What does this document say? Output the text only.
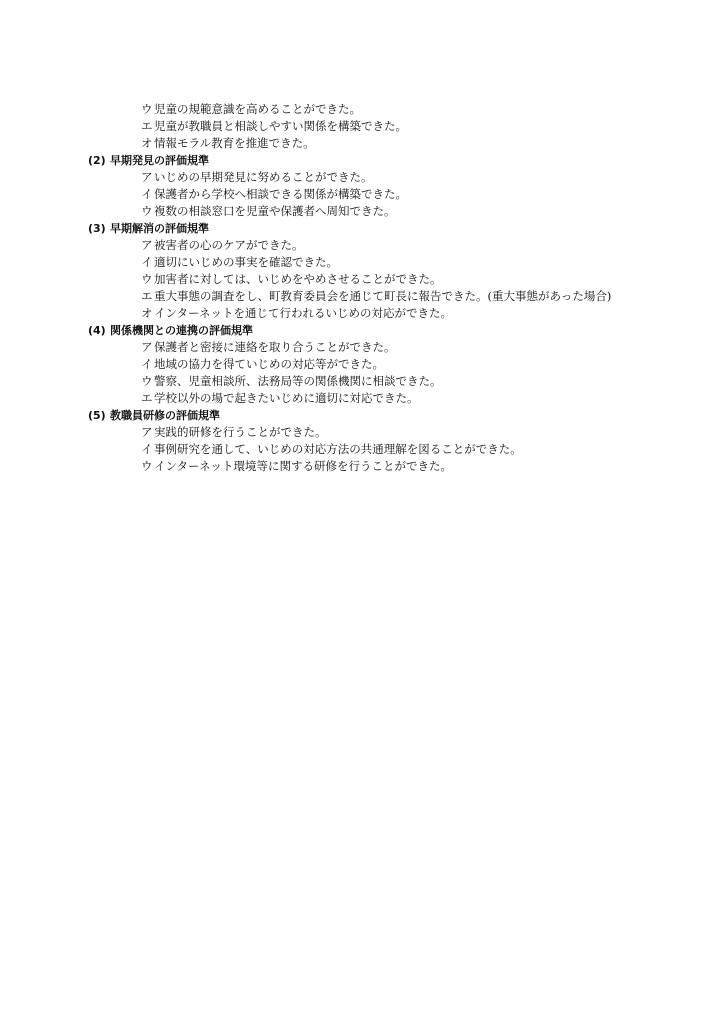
ウ 児童の規範意識を高めることができた。
エ 児童が教職員と相談しやすい関係を構築できた。
オ 情報モラル教育を推進できた。
(2) 早期発見の評価規準
ア いじめの早期発見に努めることができた。
イ 保護者から学校へ相談できる関係が構築できた。
ウ 複数の相談窓口を児童や保護者へ周知できた。
(3) 早期解消の評価規準
ア 被害者の心のケアができた。
イ 適切にいじめの事実を確認できた。
ウ 加害者に対しては、いじめをやめさせることができた。
エ 重大事態の調査をし、町教育委員会を通じて町長に報告できた。(重大事態があった場合)
オ インターネットを通じて行われるいじめの対応ができた。
(4) 関係機関との連携の評価規準
ア 保護者と密接に連絡を取り合うことができた。
イ 地域の協力を得ていじめの対応等ができた。
ウ 警察、児童相談所、法務局等の関係機関に相談できた。
エ 学校以外の場で起きたいじめに適切に対応できた。
(5) 教職員研修の評価規準
ア 実践的研修を行うことができた。
イ 事例研究を通して、いじめの対応方法の共通理解を図ることができた。
ウ インターネット環境等に関する研修を行うことができた。
